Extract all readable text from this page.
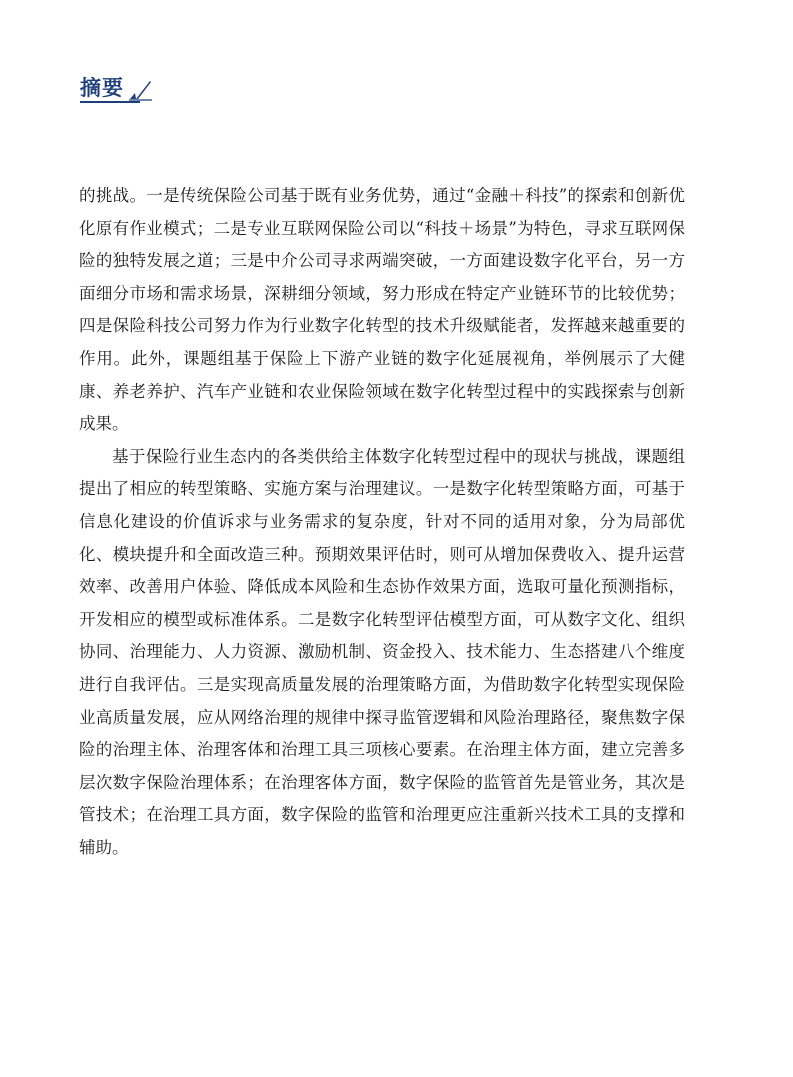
摘要

的挑战。一是传统保险公司基于既有业务优势，通过“金融＋科技”的探索和创新优化原有作业模式；二是专业互联网保险公司以“科技＋场景”为特色，寻求互联网保险的独特发展之道；三是中介公司寻求两端突破，一方面建设数字化平台，另一方面细分市场和需求场景，深耕细分领域，努力形成在特定产业链环节的比较优势；四是保险科技公司努力作为行业数字化转型的技术升级赋能者，发挥越来越重要的作用。此外，课题组基于保险上下游产业链的数字化延展视角，举例展示了大健康、养老养护、汽车产业链和农业保险领域在数字化转型过程中的实践探索与创新成果。

基于保险行业生态内的各类供给主体数字化转型过程中的现状与挑战，课题组提出了相应的转型策略、实施方案与治理建议。一是数字化转型策略方面，可基于信息化建设的价值诉求与业务需求的复杂度，针对不同的适用对象，分为局部优化、模块提升和全面改造三种。预期效果评估时，则可从增加保费收入、提升运营效率、改善用户体验、降低成本风险和生态协作效果方面，选取可量化预测指标，开发相应的模型或标准体系。二是数字化转型评估模型方面，可从数字文化、组织协同、治理能力、人力资源、激励机制、资金投入、技术能力、生态搭建八个维度进行自我评估。三是实现高质量发展的治理策略方面，为借助数字化转型实现保险业高质量发展，应从网络治理的规律中探寻监管逻辑和风险治理路径，聚焦数字保险的治理主体、治理客体和治理工具三项核心要素。在治理主体方面，建立完善多层次数字保险治理体系；在治理客体方面，数字保险的监管首先是管业务，其次是管技术；在治理工具方面，数字保险的监管和治理更应注重新兴技术工具的支撑和辅助。
